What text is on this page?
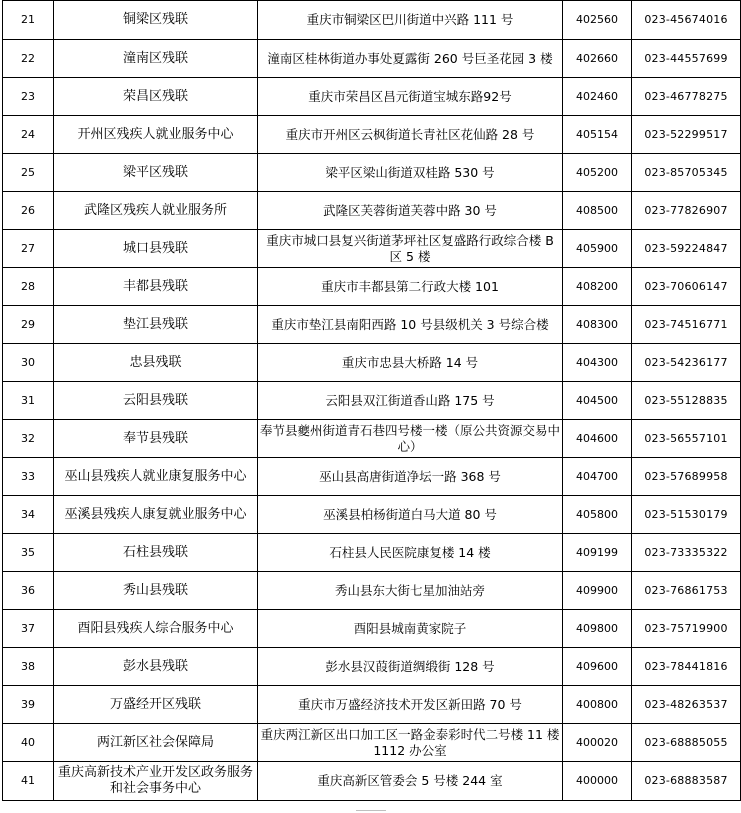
21	铜梁区残联	重庆市铜梁区巴川街道中兴路 111 号	402560	023-45674016
22	潼南区残联	潼南区桂林街道办事处夏露街 260 号巨圣花园 3 楼	402660	023-44557699
23	荣昌区残联	重庆市荣昌区昌元街道宝城东路92号	402460	023-46778275
24	开州区残疾人就业服务中心	重庆市开州区云枫街道长青社区花仙路 28 号	405154	023-52299517
25	梁平区残联	梁平区梁山街道双桂路 530 号	405200	023-85705345
26	武隆区残疾人就业服务所	武隆区芙蓉街道芙蓉中路 30 号	408500	023-77826907
27	城口县残联	重庆市城口县复兴街道茅坪社区复盛路行政综合楼 B 区 5 楼	405900	023-59224847
28	丰都县残联	重庆市丰都县第二行政大楼 101	408200	023-70606147
29	垫江县残联	重庆市垫江县南阳西路 10 号县级机关 3 号综合楼	408300	023-74516771
30	忠县残联	重庆市忠县大桥路 14 号	404300	023-54236177
31	云阳县残联	云阳县双江街道香山路 175 号	404500	023-55128835
32	奉节县残联	奉节县夔州街道青石巷四号楼一楼（原公共资源交易中心）	404600	023-56557101
33	巫山县残疾人就业康复服务中心	巫山县高唐街道净坛一路 368 号	404700	023-57689958
34	巫溪县残疾人康复就业服务中心	巫溪县柏杨街道白马大道 80 号	405800	023-51530179
35	石柱县残联	石柱县人民医院康复楼 14 楼	409199	023-73335322
36	秀山县残联	秀山县东大街七星加油站旁	409900	023-76861753
37	酉阳县残疾人综合服务中心	酉阳县城南黄家院子	409800	023-75719900
38	彭水县残联	彭水县汉葭街道绸缎街 128 号	409600	023-78441816
39	万盛经开区残联	重庆市万盛经济技术开发区新田路 70 号	400800	023-48263537
40	两江新区社会保障局	重庆两江新区出口加工区一路金泰彩时代二号楼 11 楼 1112 办公室	400020	023-68885055
41	重庆高新技术产业开发区政务服务和社会事务中心	重庆高新区管委会 5 号楼 244 室	400000	023-68883587
